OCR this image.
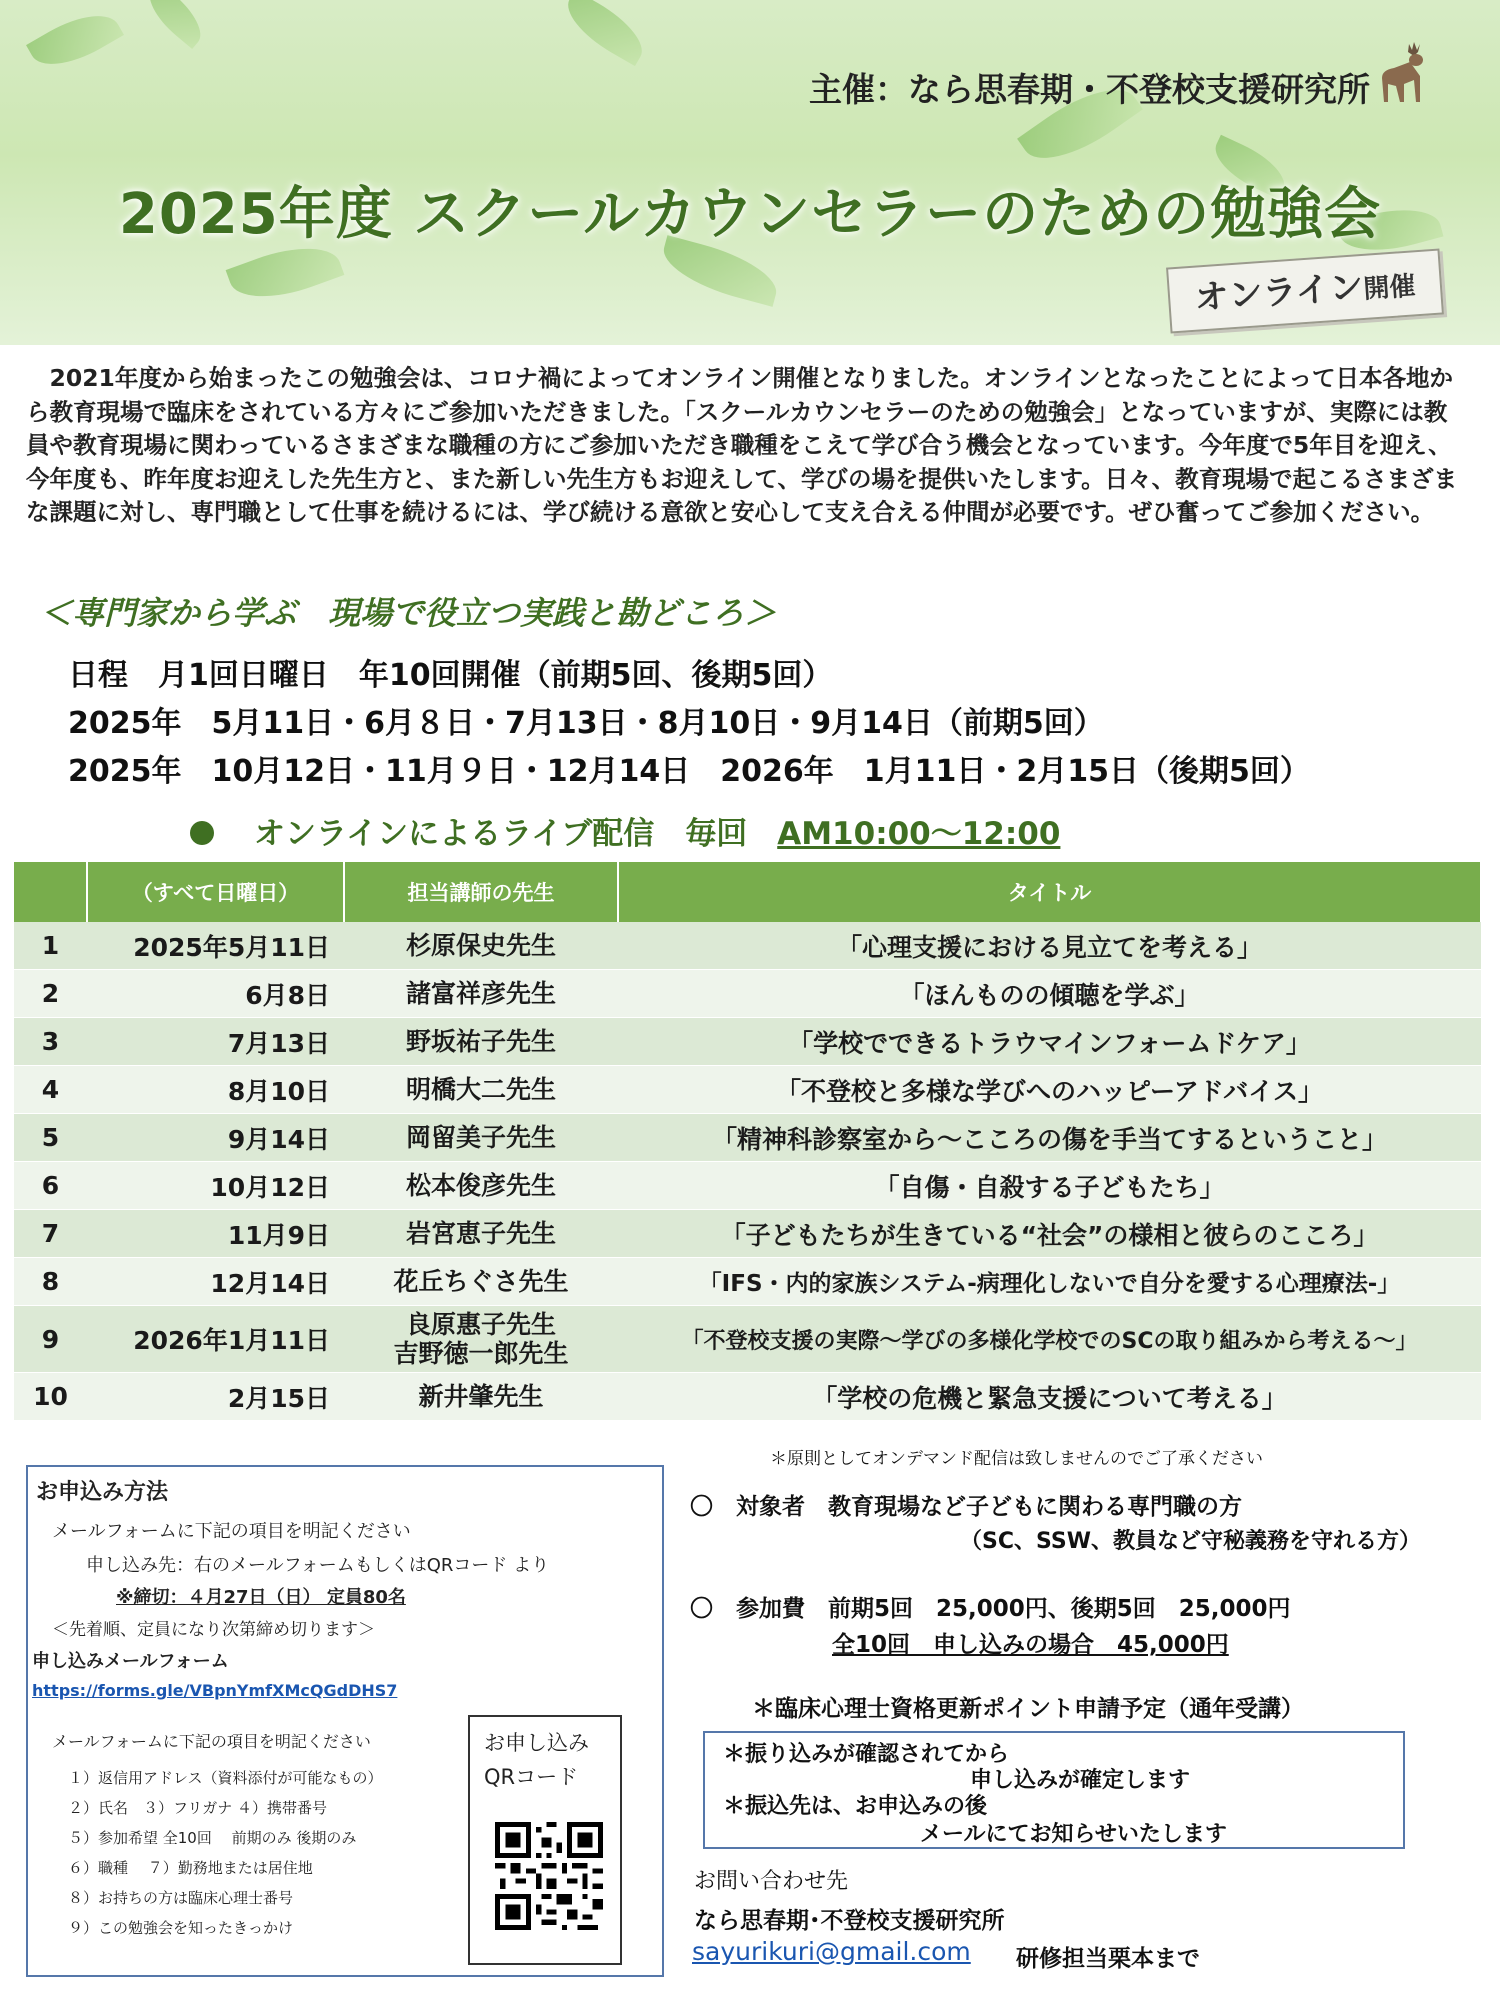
主催：なら思春期・不登校支援研究所
2025年度 スクールカウンセラーのための勉強会
オンライン開催
　2021年度から始まったこの勉強会は、コロナ禍によってオンライン開催となりました。オンラインとなったことによって日本各地から教育現場で臨床をされている方々にご参加いただきました。「スクールカウンセラーのための勉強会」となっていますが、実際には教員や教育現場に関わっているさまざまな職種の方にご参加いただき職種をこえて学び合う機会となっています。今年度で5年目を迎え、今年度も、昨年度お迎えした先生方と、また新しい先生方もお迎えして、学びの場を提供いたします。日々、教育現場で起こるさまざまな課題に対し、専門職として仕事を続けるには、学び続ける意欲と安心して支え合える仲間が必要です。ぜひ奮ってご参加ください。
＜専門家から学ぶ　現場で役立つ実践と勘どころ＞
日程　月1回日曜日　年10回開催（前期5回、後期5回）
2025年　5月11日・6月８日・7月13日・8月10日・9月14日（前期5回）
2025年　10月12日・11月９日・12月14日　2026年　1月11日・2月15日（後期5回）
オンラインによるライブ配信　毎回 AM10:00～12:00
	（すべて日曜日）	担当講師の先生	タイトル
1	2025年5月11日	杉原保史先生	「心理支援における見立てを考える」
2	6月8日	諸富祥彦先生	「ほんものの傾聴を学ぶ」
3	7月13日	野坂祐子先生	「学校でできるトラウマインフォームドケア」
4	8月10日	明橋大二先生	「不登校と多様な学びへのハッピーアドバイス」
5	9月14日	岡留美子先生	「精神科診察室から～こころの傷を手当てするということ」
6	10月12日	松本俊彦先生	「自傷・自殺する子どもたち」
7	11月9日	岩宮恵子先生	「子どもたちが生きている“社会”の様相と彼らのこころ」
8	12月14日	花丘ちぐさ先生	「IFS・内的家族システム-病理化しないで自分を愛する心理療法-」
9	2026年1月11日	良原惠子先生
吉野徳一郎先生	「不登校支援の実際～学びの多様化学校でのSCの取り組みから考える～」
10	2月15日	新井肇先生	「学校の危機と緊急支援について考える」
お申込み方法
メールフォームに下記の項目を明記ください
申し込み先：右のメールフォームもしくはQRコード より
※締切：４月27日（日） 定員80名
＜先着順、定員になり次第締め切ります＞
申し込みメールフォーム
https://forms.gle/VBpnYmfXMcQGdDHS7
メールフォームに下記の項目を明記ください
１）返信用アドレス（資料添付が可能なもの）
２）氏名　３）フリガナ ４）携帯番号
５）参加希望 全10回　 前期のみ 後期のみ
６）職種　 ７）勤務地または居住地
８）お持ちの方は臨床心理士番号
９）この勉強会を知ったきっかけ
お申し込み
QRコード
＊原則としてオンデマンド配信は致しませんのでご了承ください
〇　対象者　教育現場など子どもに関わる専門職の方
（SC、SSW、教員など守秘義務を守れる方）
〇　参加費　前期5回　25,000円、後期5回　25,000円
全10回　申し込みの場合　45,000円
＊臨床心理士資格更新ポイント申請予定（通年受講）
＊振り込みが確認されてから
申し込みが確定します
＊振込先は、お申込みの後
メールにてお知らせいたします
お問い合わせ先
なら思春期･不登校支援研究所
sayurikuri@gmail.com 研修担当栗本まで
